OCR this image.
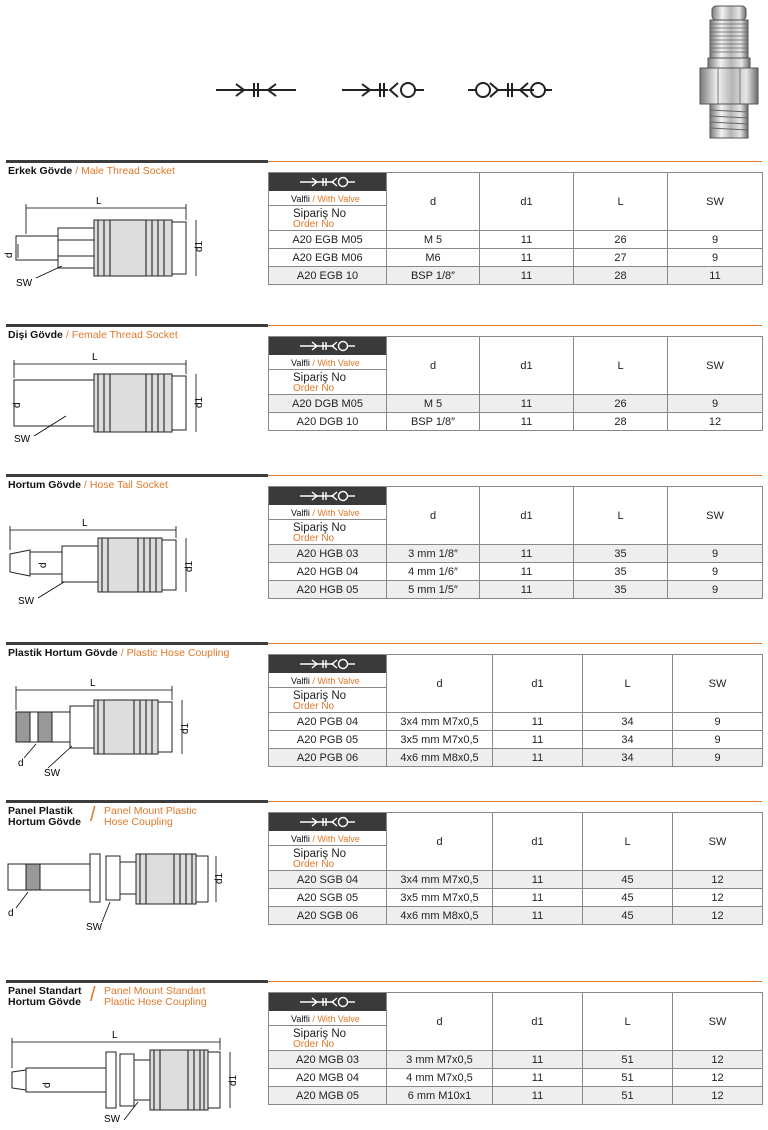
Erkek Gövde / Male Thread Socket
L
d1
d
SW
Valfli / With Valve
Sipariş No
Order No	d	d1	L	SW
A20 EGB M05	M 5	11	26	9
A20 EGB M06	M6	11	27	9
A20 EGB 10	BSP 1/8″	11	28	11
Dişi Gövde / Female Thread Socket
L
d1
d
SW
Valfli / With Valve
Sipariş No
Order No	d	d1	L	SW
A20 DGB M05	M 5	11	26	9
A20 DGB 10	BSP 1/8″	11	28	12
Hortum Gövde / Hose Tail Socket
L
d1
d
SW
Valfli / With Valve
Sipariş No
Order No	d	d1	L	SW
A20 HGB 03	3 mm 1/8″	11	35	9
A20 HGB 04	4 mm 1/6″	11	35	9
A20 HGB 05	5 mm 1/5″	11	35	9
Plastik Hortum Gövde / Plastic Hose Coupling
L
d1
d
SW
Valfli / With Valve
Sipariş No
Order No	d	d1	L	SW
A20 PGB 04	3x4 mm M7x0,5	11	34	9
A20 PGB 05	3x5 mm M7x0,5	11	34	9
A20 PGB 06	4x6 mm M8x0,5	11	34	9
Panel Plastik
Hortum Gövde / Panel Mount Plastic
Hose Coupling
d1
d
SW
Valfli / With Valve
Sipariş No
Order No	d	d1	L	SW
A20 SGB 04	3x4 mm M7x0,5	11	45	12
A20 SGB 05	3x5 mm M7x0,5	11	45	12
A20 SGB 06	4x6 mm M8x0,5	11	45	12
Panel Standart
Hortum Gövde / Panel Mount Standart
Plastic Hose Coupling
L
d1
d
SW
Valfli / With Valve
Sipariş No
Order No	d	d1	L	SW
A20 MGB 03	3 mm M7x0,5	11	51	12
A20 MGB 04	4 mm M7x0,5	11	51	12
A20 MGB 05	6 mm M10x1	11	51	12
